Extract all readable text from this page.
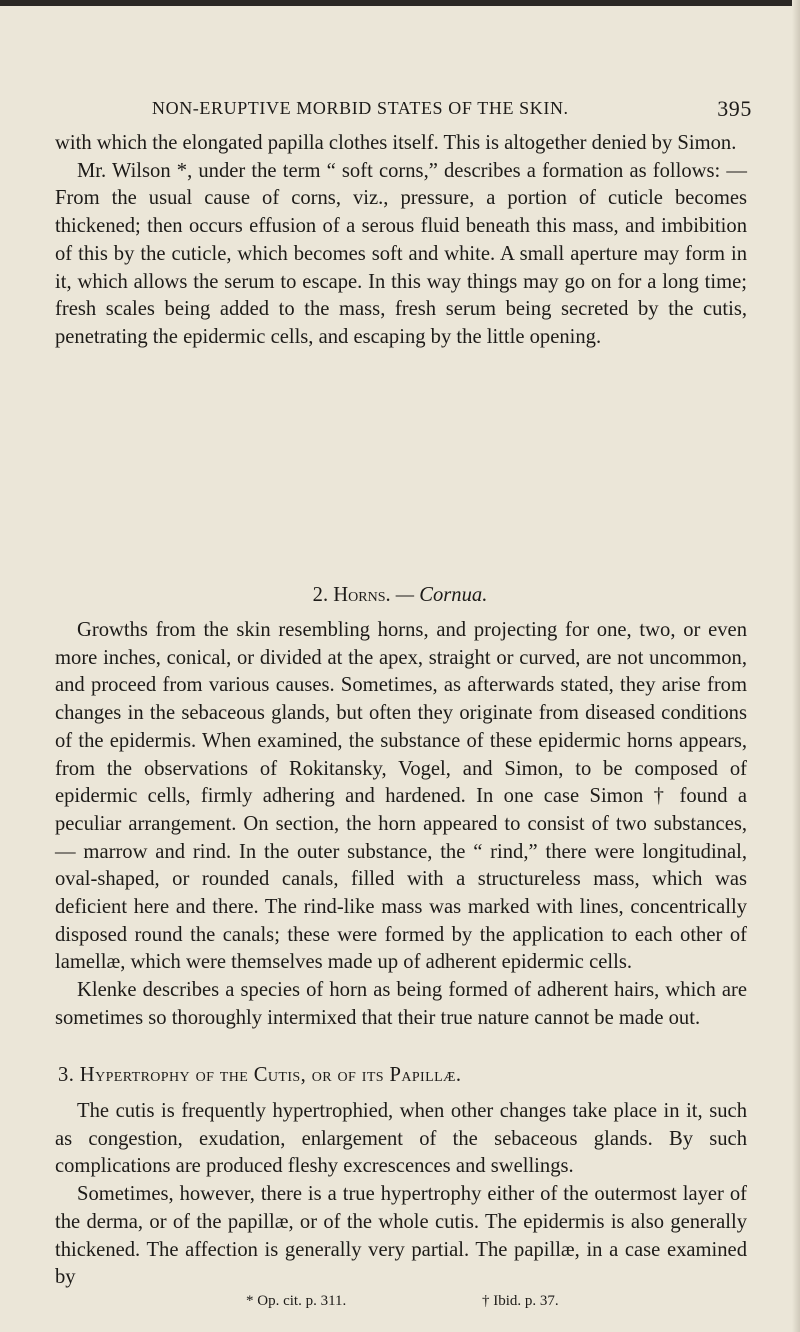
NON-ERUPTIVE MORBID STATES OF THE SKIN.	395

with which the elongated papilla clothes itself. This is altogether denied by Simon.

Mr. Wilson *, under the term “ soft corns,” describes a formation as follows: — From the usual cause of corns, viz., pressure, a portion of cuticle becomes thickened; then occurs effusion of a serous fluid beneath this mass, and imbibition of this by the cuticle, which becomes soft and white. A small aperture may form in it, which allows the serum to escape. In this way things may go on for a long time; fresh scales being added to the mass, fresh serum being secreted by the cutis, penetrating the epidermic cells, and escaping by the little opening.

2. Horns. — Cornua.

Growths from the skin resembling horns, and projecting for one, two, or even more inches, conical, or divided at the apex, straight or curved, are not uncommon, and proceed from various causes. Sometimes, as afterwards stated, they arise from changes in the sebaceous glands, but often they originate from diseased conditions of the epidermis. When examined, the substance of these epidermic horns appears, from the observations of Rokitansky, Vogel, and Simon, to be composed of epidermic cells, firmly adhering and hardened. In one case Simon † found a peculiar arrangement. On section, the horn appeared to consist of two substances, — marrow and rind. In the outer substance, the “ rind,” there were longitudinal, oval-shaped, or rounded canals, filled with a structureless mass, which was deficient here and there. The rind-like mass was marked with lines, concentrically disposed round the canals; these were formed by the application to each other of lamellæ, which were themselves made up of adherent epidermic cells.

Klenke describes a species of horn as being formed of adherent hairs, which are sometimes so thoroughly intermixed that their true nature cannot be made out.

3. Hypertrophy of the Cutis, or of its Papillæ.

The cutis is frequently hypertrophied, when other changes take place in it, such as congestion, exudation, enlargement of the sebaceous glands. By such complications are produced fleshy excrescences and swellings.

Sometimes, however, there is a true hypertrophy either of the outermost layer of the derma, or of the papillæ, or of the whole cutis. The epidermis is also generally thickened. The affection is generally very partial. The papillæ, in a case examined by

* Op. cit. p. 311.	† Ibid. p. 37.
